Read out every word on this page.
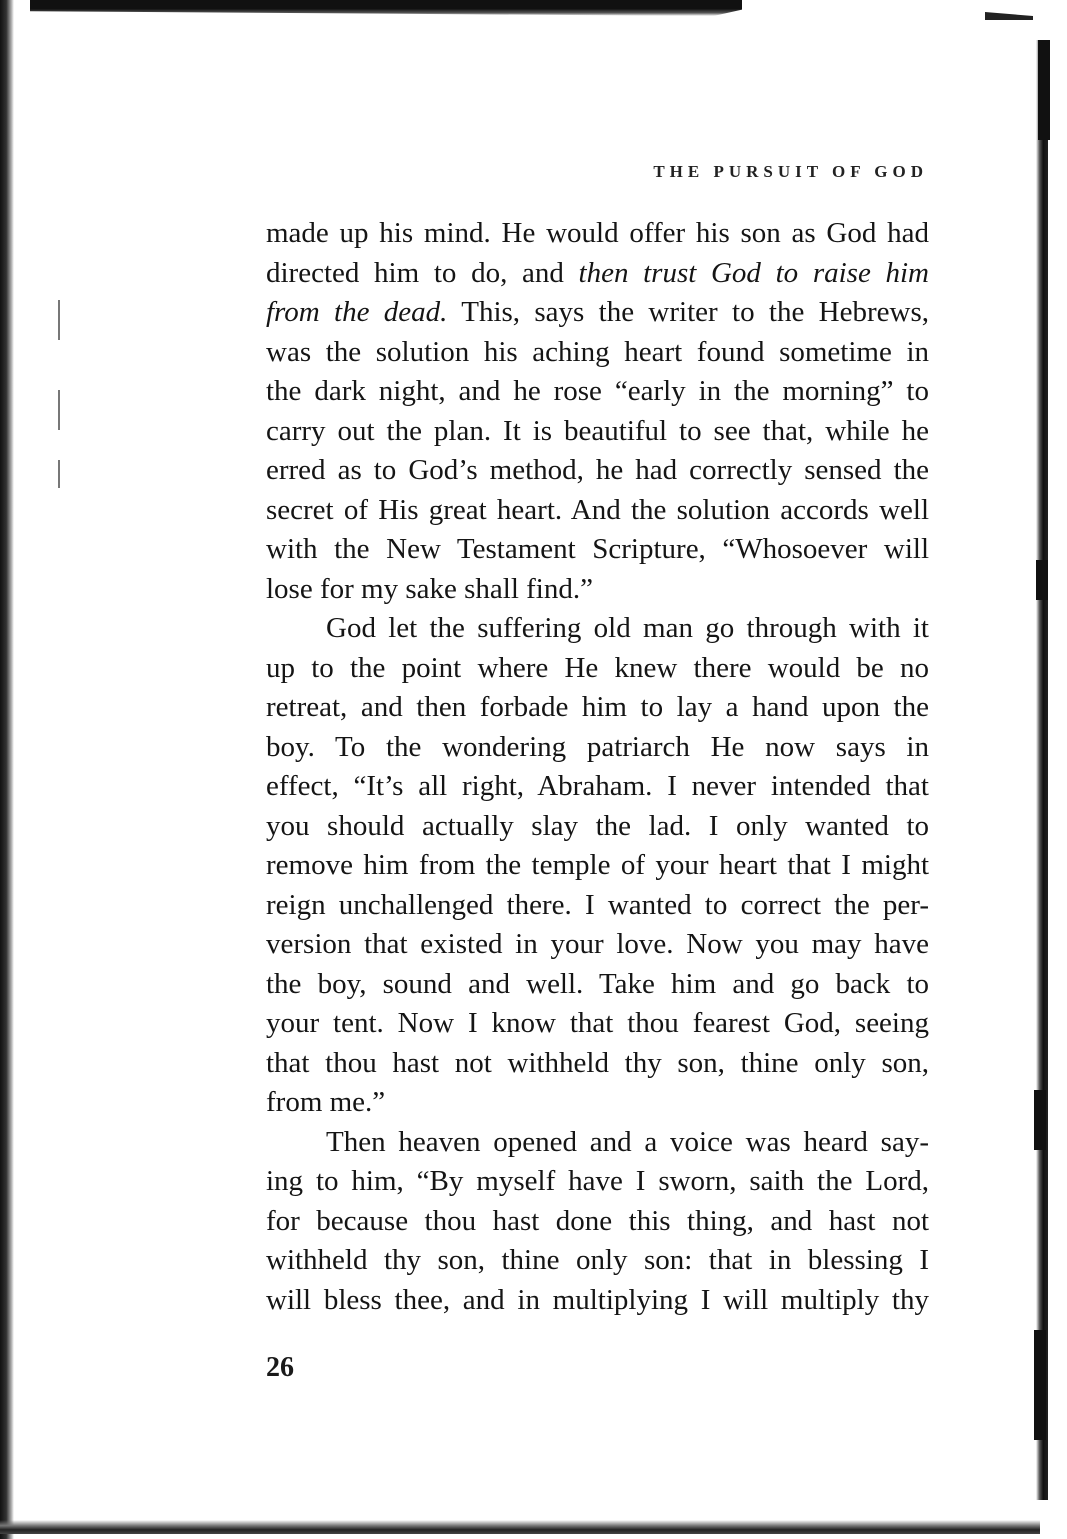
THE PURSUIT OF GOD
made up his mind. He would offer his son as God had
directed him to do, and then trust God to raise him
from the dead. This, says the writer to the Hebrews,
was the solution his aching heart found sometime in
the dark night, and he rose “early in the morning” to
carry out the plan. It is beautiful to see that, while he
erred as to God’s method, he had correctly sensed the
secret of His great heart. And the solution accords well
with the New Testament Scripture, “Whosoever will
lose for my sake shall find.”
God let the suffering old man go through with it
up to the point where He knew there would be no
retreat, and then forbade him to lay a hand upon the
boy. To the wondering patriarch He now says in
effect, “It’s all right, Abraham. I never intended that
you should actually slay the lad. I only wanted to
remove him from the temple of your heart that I might
reign unchallenged there. I wanted to correct the per-
version that existed in your love. Now you may have
the boy, sound and well. Take him and go back to
your tent. Now I know that thou fearest God, seeing
that thou hast not withheld thy son, thine only son,
from me.”
Then heaven opened and a voice was heard say-
ing to him, “By myself have I sworn, saith the Lord,
for because thou hast done this thing, and hast not
withheld thy son, thine only son: that in blessing I
will bless thee, and in multiplying I will multiply thy
26
